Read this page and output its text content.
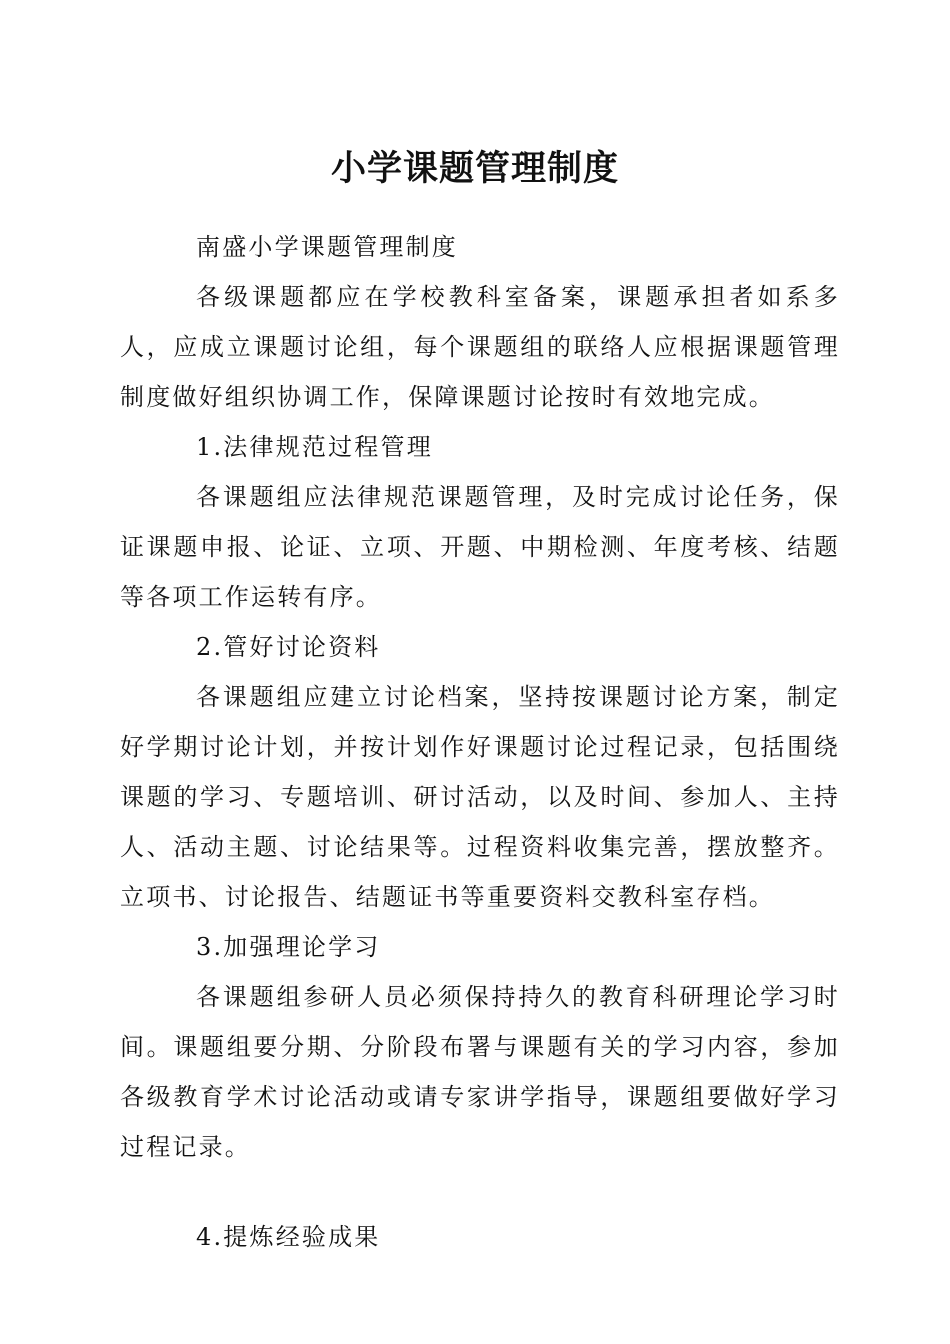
小学课题管理制度

南盛小学课题管理制度

各级课题都应在学校教科室备案，课题承担者如系多人，应成立课题讨论组，每个课题组的联络人应根据课题管理制度做好组织协调工作，保障课题讨论按时有效地完成。

1.法律规范过程管理

各课题组应法律规范课题管理，及时完成讨论任务，保证课题申报、论证、立项、开题、中期检测、年度考核、结题等各项工作运转有序。

2.管好讨论资料

各课题组应建立讨论档案，坚持按课题讨论方案，制定好学期讨论计划，并按计划作好课题讨论过程记录，包括围绕课题的学习、专题培训、研讨活动，以及时间、参加人、主持人、活动主题、讨论结果等。过程资料收集完善，摆放整齐。立项书、讨论报告、结题证书等重要资料交教科室存档。

3.加强理论学习

各课题组参研人员必须保持持久的教育科研理论学习时间。课题组要分期、分阶段布署与课题有关的学习内容，参加各级教育学术讨论活动或请专家讲学指导，课题组要做好学习过程记录。

4.提炼经验成果
